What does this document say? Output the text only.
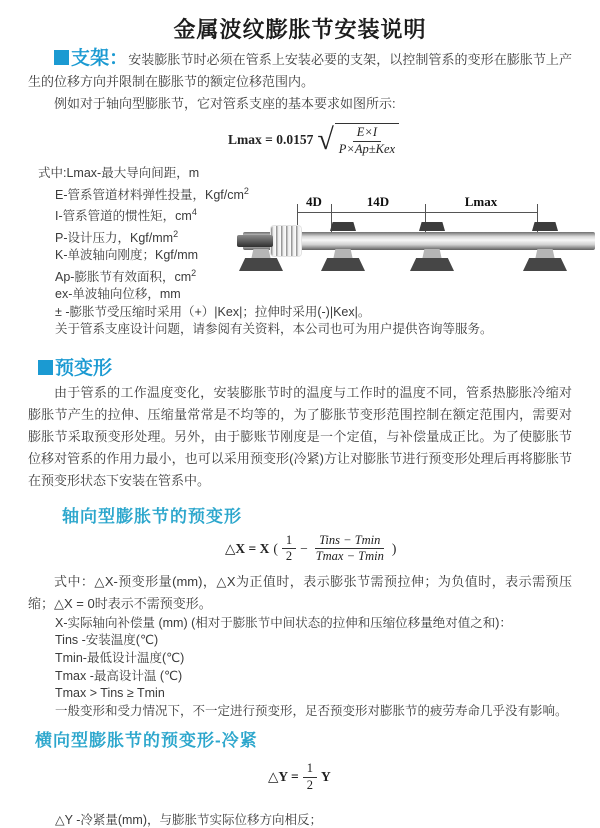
金属波纹膨胀节安装说明

支架：安装膨胀节时必须在管系上安装必要的支架，以控制管系的变形在膨胀节上产生的位移方向并限制在膨胀节的额定位移范围内。

例如对于轴向型膨胀节，它对管系支座的基本要求如图所示:

Lmax = 0.0157 √ $\frac{E\times I}{\text{P×Ap±Kex}}$
式中:Lmax-最大导向间距，m
E-管系管道材料弹性投量，Kgf/$cm^2$
I-管系管道的惯性矩，$cm^4$
P-设计压力，Kgf/$mm^2$
K-单波轴向刚度；Kgf/mm
Ap-膨胀节有效面积，$cm^2$
ex-单波轴向位移，mm
± -膨胀节受压缩时采用（+）|Kex|；拉伸时采用(-)|Kex|。
关于管系支座设计问题，请参阅有关资料，本公司也可为用户提供咨询等服务。
4D	14D	Lmax
预变形

由于管系的工作温度变化，安装膨胀节时的温度与工作时的温度不同，管系热膨胀冷缩对膨胀节产生的拉伸、压缩量常常是不均等的，为了膨胀节变形范围控制在额定范围内，需要对膨胀节采取预变形处理。另外，由于膨账节刚度是一个定值，与补偿量成正比。为了使膨胀节位移对管系的作用力最小，也可以采用预变形(冷紧)方让对膨胀节进行预变形处理后再将膨胀节在预变形状态下安装在管系中。

轴向型膨胀节的预变形
△X = X ( $\frac{1}{2} - \frac{\text{Tins − Tmin}}{Tmax - Tmin}$ )

式中：△X-预变形量(mm)，△X为正值时，表示膨张节需预拉伸；为负值时，表示需预压缩；△X = 0时表示不需预变形。

X-实际轴向补偿量 (mm) (相对于膨胀节中间状态的拉伸和压缩位移量绝对值之和)：
Tins -安装温度(℃)
Tmin-最低设计温度(℃)
Tmax -最高设计温 (℃)
Tmax > Tins ≥ Tmin
一般变形和受力情况下，不一定进行预变形，足否预变形对膨胀节的疲劳寿命几乎没有影响。
横向型膨胀节的预变形-冷紧
△Y = $\frac{1}{2}$ Y
△Y -冷紧量(mm)，与膨胀节实际位移方向相反；
